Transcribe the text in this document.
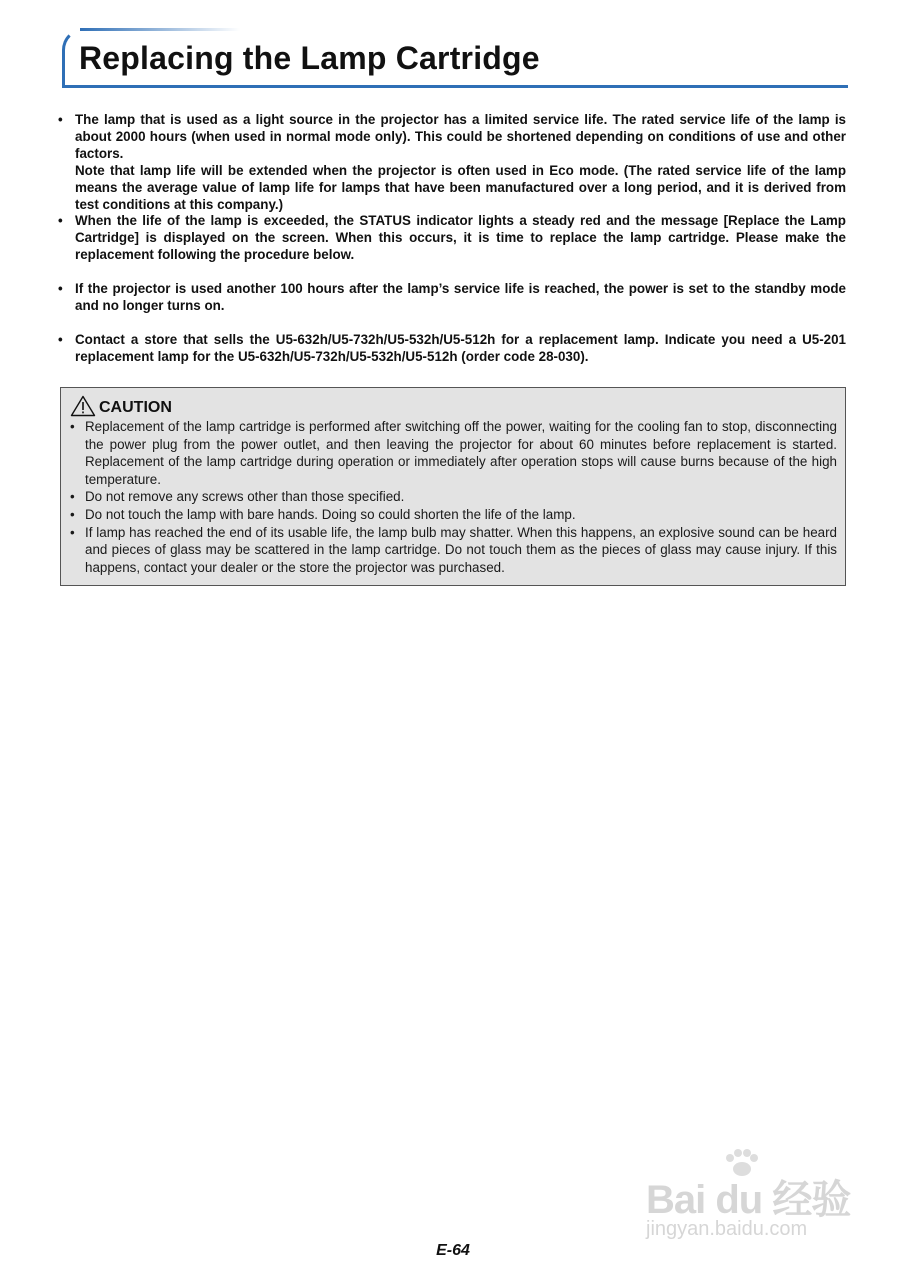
Replacing the Lamp Cartridge
• The lamp that is used as a light source in the projector has a limited service life. The rated service life of the lamp is about 2000 hours (when used in normal mode only). This could be shortened depending on conditions of use and other factors.

Note that lamp life will be extended when the projector is often used in Eco mode. (The rated service life of the lamp means the average value of lamp life for lamps that have been manufactured over a long period, and it is derived from test conditions at this company.)

• When the life of the lamp is exceeded, the STATUS indicator lights a steady red and the message [Replace the Lamp Cartridge] is displayed on the screen. When this occurs, it is time to replace the lamp cartridge. Please make the replacement following the procedure below.

• If the projector is used another 100 hours after the lamp’s service life is reached, the power is set to the standby mode and no longer turns on.

• Contact a store that sells the U5-632h/U5-732h/U5-532h/U5-512h for a replacement lamp. Indicate you need a U5-201 replacement lamp for the U5-632h/U5-732h/U5-532h/U5-512h (order code 28-030).

CAUTION
• Replacement of the lamp cartridge is performed after switching off the power, waiting for the cooling fan to stop, disconnecting the power plug from the power outlet, and then leaving the projector for about 60 minutes before replacement is started. Replacement of the lamp cartridge during operation or immediately after operation stops will cause burns because of the high temperature.
• Do not remove any screws other than those specified.
• Do not touch the lamp with bare hands. Doing so could shorten the life of the lamp.
• If lamp has reached the end of its usable life, the lamp bulb may shatter. When this happens, an explosive sound can be heard and pieces of glass may be scattered in the lamp cartridge. Do not touch them as the pieces of glass may cause injury. If this happens, contact your dealer or the store the projector was purchased.
Bai du 经验
jingyan.baidu.com
E-64
